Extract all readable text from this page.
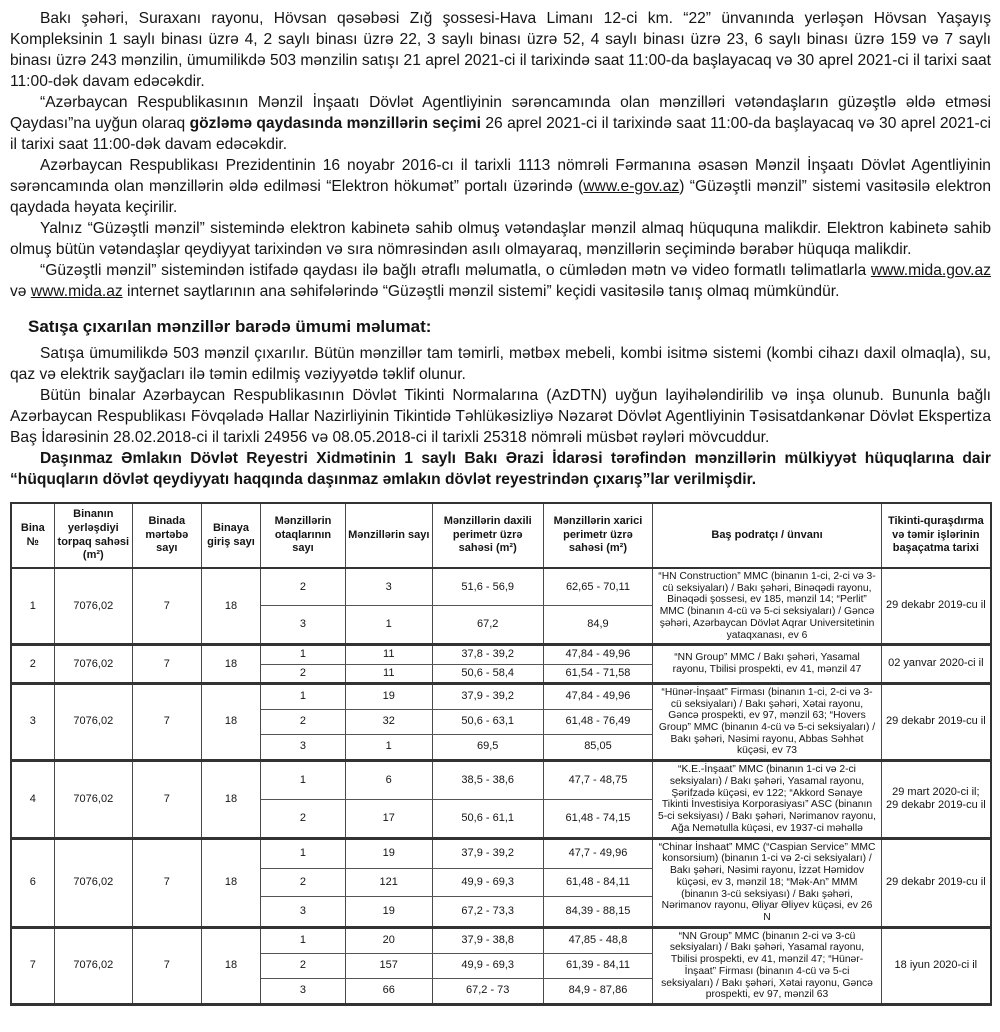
Bakı şəhəri, Suraxanı rayonu, Hövsan qəsəbəsi Zığ şossesi-Hava Limanı 12-ci km. “22” ünvanında yerləşən Hövsan Yaşayış Kompleksinin 1 saylı binası üzrə 4, 2 saylı binası üzrə 22, 3 saylı binası üzrə 52, 4 saylı binası üzrə 23, 6 saylı binası üzrə 159 və 7 saylı binası üzrə 243 mənzilin, ümumilikdə 503 mənzilin satışı 21 aprel 2021-ci il tarixində saat 11:00-da başlayacaq və 30 aprel 2021-ci il tarixi saat 11:00-dək davam edəcəkdir.

“Azərbaycan Respublikasının Mənzil İnşaatı Dövlət Agentliyinin sərəncamında olan mənzilləri vətəndaşların güzəştlə əldə etməsi Qaydası”na uyğun olaraq gözləmə qaydasında mənzillərin seçimi 26 aprel 2021-ci il tarixində saat 11:00-da başlayacaq və 30 aprel 2021-ci il tarixi saat 11:00-dək davam edəcəkdir.

Azərbaycan Respublikası Prezidentinin 16 noyabr 2016-cı il tarixli 1113 nömrəli Fərmanına əsasən Mənzil İnşaatı Dövlət Agentliyinin sərəncamında olan mənzillərin əldə edilməsi “Elektron hökumət” portalı üzərində (www.e-gov.az) “Güzəştli mənzil” sistemi vasitəsilə elektron qaydada həyata keçirilir.

Yalnız “Güzəştli mənzil” sistemində elektron kabinetə sahib olmuş vətəndaşlar mənzil almaq hüququna malikdir. Elektron kabinetə sahib olmuş bütün vətəndaşlar qeydiyyat tarixindən və sıra nömrəsindən asılı olmayaraq, mənzillərin seçimində bərabər hüquqa malikdir.

“Güzəştli mənzil” sistemindən istifadə qaydası ilə bağlı ətraflı məlumatla, o cümlədən mətn və video formatlı təlimatlarla www.mida.gov.az və www.mida.az internet saytlarının ana səhifələrində “Güzəştli mənzil sistemi” keçidi vasitəsilə tanış olmaq mümkündür.

Satışa çıxarılan mənzillər barədə ümumi məlumat:

Satışa ümumilikdə 503 mənzil çıxarılır. Bütün mənzillər tam təmirli, mətbəx mebeli, kombi isitmə sistemi (kombi cihazı daxil olmaqla), su, qaz və elektrik sayğacları ilə təmin edilmiş vəziyyətdə təklif olunur.

Bütün binalar Azərbaycan Respublikasının Dövlət Tikinti Normalarına (AzDTN) uyğun layihələndirilib və inşa olunub. Bununla bağlı Azərbaycan Respublikası Fövqəladə Hallar Nazirliyinin Tikintidə Təhlükəsizliyə Nəzarət Dövlət Agentliyinin Təsisatdankənar Dövlət Ekspertiza Baş İdarəsinin 28.02.2018-ci il tarixli 24956 və 08.05.2018-ci il tarixli 25318 nömrəli müsbət rəyləri mövcuddur.

Daşınmaz Əmlakın Dövlət Reyestri Xidmətinin 1 saylı Bakı Ərazi İdarəsi tərəfindən mənzillərin mülkiyyət hüquqlarına dair “hüquqların dövlət qeydiyyatı haqqında daşınmaz əmlakın dövlət reyestrindən çıxarış”lar verilmişdir.

Bina №	Binanın yerləşdiyi torpaq sahəsi (m²)	Binada mərtəbə sayı	Binaya giriş sayı	Mənzillərin otaqlarının sayı	Mənzillərin sayı	Mənzillərin daxili perimetr üzrə sahəsi (m²)	Mənzillərin xarici perimetr üzrə sahəsi (m²)	Baş podratçı / ünvanı	Tikinti-quraşdırma və təmir işlərinin başaçatma tarixi
1	7076,02	7	18	2	3	51,6 - 56,9	62,65 - 70,11	“HN Construction” MMC (binanın 1-ci, 2-ci və 3-cü seksiyaları) / Bakı şəhəri, Binəqədi rayonu, Binəqədi şossesi, ev 185, mənzil 14; “Perlit” MMC (binanın 4-cü və 5-ci seksiyaları) / Gəncə şəhəri, Azərbaycan Dövlət Aqrar Universitetinin yataqxanası, ev 6	29 dekabr 2019-cu il
				3	1	67,2	84,9		
2	7076,02	7	18	1	11	37,8 - 39,2	47,84 - 49,96	“NN Group” MMC / Bakı şəhəri, Yasamal rayonu, Tbilisi prospekti, ev 41, mənzil 47	02 yanvar 2020-ci il
				2	11	50,6 - 58,4	61,54 - 71,58		
3	7076,02	7	18	1	19	37,9 - 39,2	47,84 - 49,96	“Hünər-İnşaat” Firması (binanın 1-ci, 2-ci və 3-cü seksiyaları) / Bakı şəhəri, Xətai rayonu, Gəncə prospekti, ev 97, mənzil 63; “Hovers Group” MMC (binanın 4-cü və 5-ci seksiyaları) / Bakı şəhəri, Nəsimi rayonu, Abbas Səhhət küçəsi, ev 73	29 dekabr 2019-cu il
				2	32	50,6 - 63,1	61,48 - 76,49		
				3	1	69,5	85,05		
4	7076,02	7	18	1	6	38,5 - 38,6	47,7 - 48,75	“K.E.-İnşaat” MMC (binanın 1-ci və 2-ci seksiyaları) / Bakı şəhəri, Yasamal rayonu, Şərifzadə küçəsi, ev 122; “Akkord Sənaye Tikinti İnvestisiya Korporasiyası” ASC (binanın 5-ci seksiyası) / Bakı şəhəri, Nərimanov rayonu, Ağa Nemətulla küçəsi, ev 1937-ci məhəllə	29 mart 2020-ci il; 29 dekabr 2019-cu il
				2	17	50,6 - 61,1	61,48 - 74,15		
6	7076,02	7	18	1	19	37,9 - 39,2	47,7 - 49,96	“Chinar İnshaat” MMC (“Caspian Service” MMC konsorsium) (binanın 1-ci və 2-ci seksiyaları) / Bakı şəhəri, Nəsimi rayonu, İzzət Həmidov küçəsi, ev 3, mənzil 18; “Mək-An” MMM (binanın 3-cü seksiyası) / Bakı şəhəri, Nərimanov rayonu, Əliyar Əliyev küçəsi, ev 26 N	29 dekabr 2019-cu il
				2	121	49,9 - 69,3	61,48 - 84,11		
				3	19	67,2 - 73,3	84,39 - 88,15		
7	7076,02	7	18	1	20	37,9 - 38,8	47,85 - 48,8	“NN Group” MMC (binanın 2-ci və 3-cü seksiyaları) / Bakı şəhəri, Yasamal rayonu, Tbilisi prospekti, ev 41, mənzil 47; “Hünər-İnşaat” Firması (binanın 4-cü və 5-ci seksiyaları) / Bakı şəhəri, Xətai rayonu, Gəncə prospekti, ev 97, mənzil 63	18 iyun 2020-ci il
				2	157	49,9 - 69,3	61,39 - 84,11		
				3	66	67,2 - 73	84,9 - 87,86		
